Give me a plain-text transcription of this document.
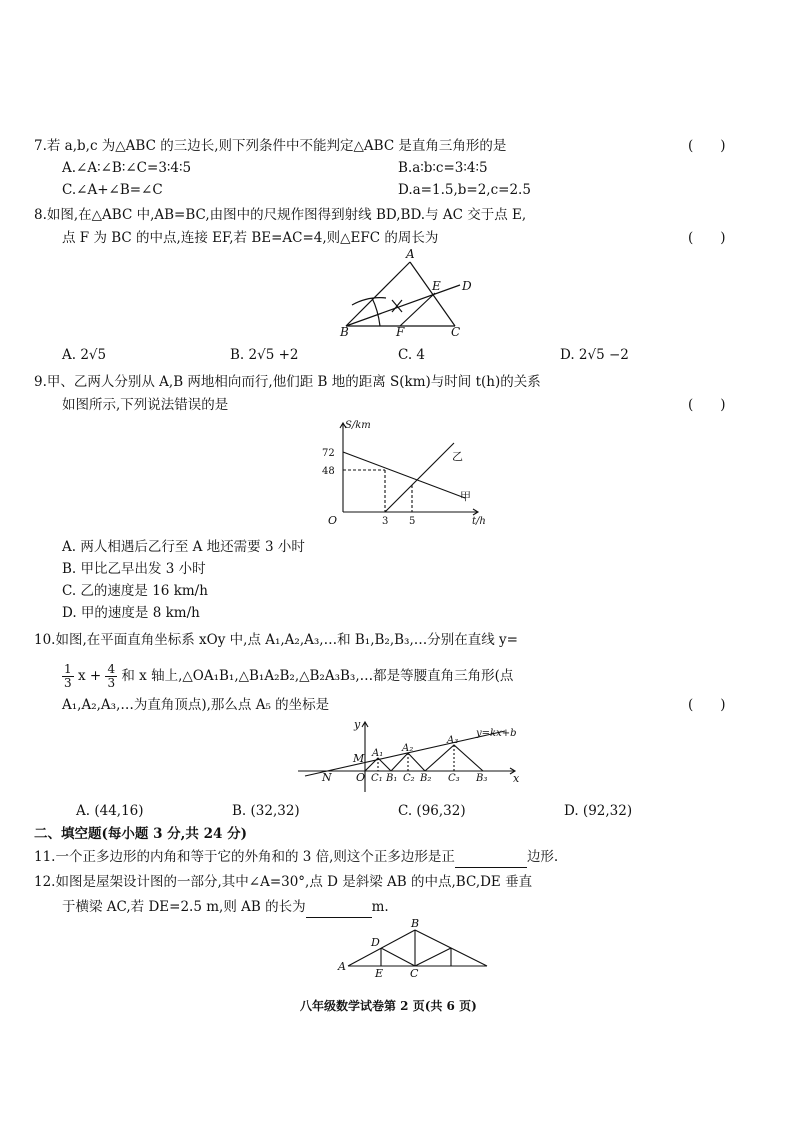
7.若 a,b,c 为△ABC 的三边长,则下列条件中不能判定△ABC 是直角三角形的是	(　　)
A.∠A∶∠B∶∠C=3∶4∶5	B.a∶b∶c=3∶4∶5
C.∠A+∠B=∠C	D.a=1.5,b=2,c=2.5
8.如图,在△ABC 中,AB=BC,由图中的尺规作图得到射线 BD,BD.与 AC 交于点 E,
点 F 为 BC 的中点,连接 EF,若 BE=AC=4,则△EFC 的周长为	(　　)
A
B	C
D
E
F
A. 2√5	B. 2√5 +2	C. 4	D. 2√5 −2
9.甲、乙两人分别从 A,B 两地相向而行,他们距 B 地的距离 S(km)与时间 t(h)的关系
如图所示,下列说法错误的是	(　　)
S/km
t/h
O
72
48
3 5
甲
乙
A. 两人相遇后乙行至 A 地还需要 3 小时
B. 甲比乙早出发 3 小时
C. 乙的速度是 16 km/h
D. 甲的速度是 8 km/h
10.如图,在平面直角坐标系 xOy 中,点 A₁,A₂,A₃,…和 B₁,B₂,B₃,…分别在直线 y=
$\frac{1}{3}$ $x + \frac{4}{3}$ 和 x 轴上,△OA₁B₁,△B₁A₂B₂,△B₂A₃B₃,…都是等腰直角三角形(点
A₁,A₂,A₃,…为直角顶点),那么点 A₅ 的坐标是	(　　)
y
x
M
N O
y=kx+b
A₁ A₂
A₃
C₁ B₁ C₂ B₂ C₃ B₃
A. (44,16)	B. (32,32)	C. (96,32)	D. (92,32)
二、填空题(每小题 3 分,共 24 分)
11.一个正多边形的内角和等于它的外角和的 3 倍,则这个正多边形是正	边形.
12.如图是屋架设计图的一部分,其中∠A=30°,点 D 是斜梁 AB 的中点,BC,DE 垂直
于横梁 AC,若 DE=2.5 m,则 AB 的长为	m.
A
B
C
D
E
八年级数学试卷第 2 页(共 6 页)
